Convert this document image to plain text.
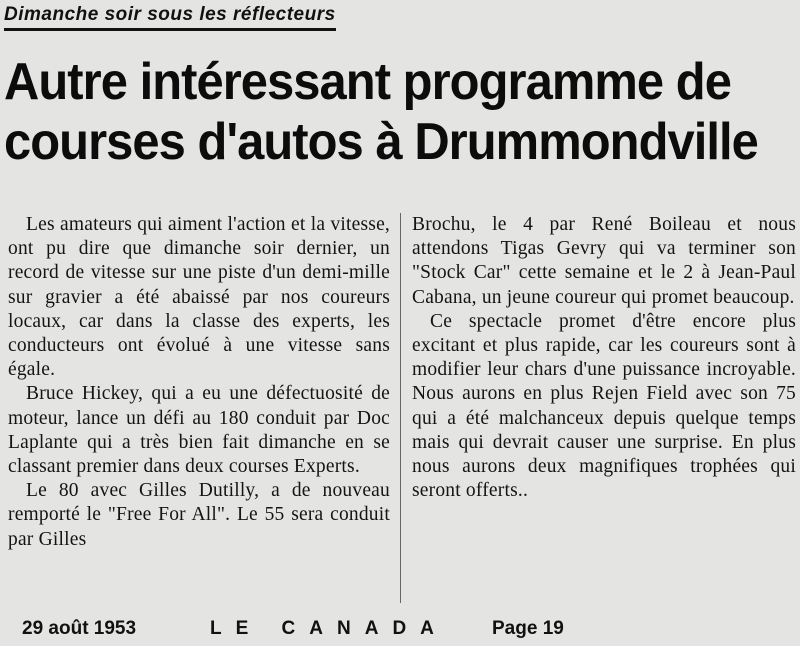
Dimanche soir sous les réflecteurs
Autre intéressant programme de
courses d'autos à Drummondville

Les amateurs qui aiment l'action et la vitesse, ont pu dire que dimanche soir dernier, un record de vitesse sur une piste d'un demi-mille sur gravier a été abaissé par nos coureurs locaux, car dans la classe des experts, les conducteurs ont évolué à une vitesse sans égale.

Bruce Hickey, qui a eu une défectuosité de moteur, lance un défi au 180 conduit par Doc Laplante qui a très bien fait dimanche en se classant premier dans deux courses Experts.

Le 80 avec Gilles Dutilly, a de nouveau remporté le "Free For All". Le 55 sera conduit par Gilles

Brochu, le 4 par René Boileau et nous attendons Tigas Gevry qui va terminer son "Stock Car" cette semaine et le 2 à Jean-Paul Cabana, un jeune coureur qui promet beaucoup.

Ce spectacle promet d'être encore plus excitant et plus rapide, car les coureurs sont à modifier leur chars d'une puissance incroyable. Nous aurons en plus Rejen Field avec son 75 qui a été malchanceux depuis quelque temps mais qui devrait causer une surprise. En plus nous aurons deux magnifiques trophées qui seront offerts..

29 août 1953	LE CANADA Page 19
